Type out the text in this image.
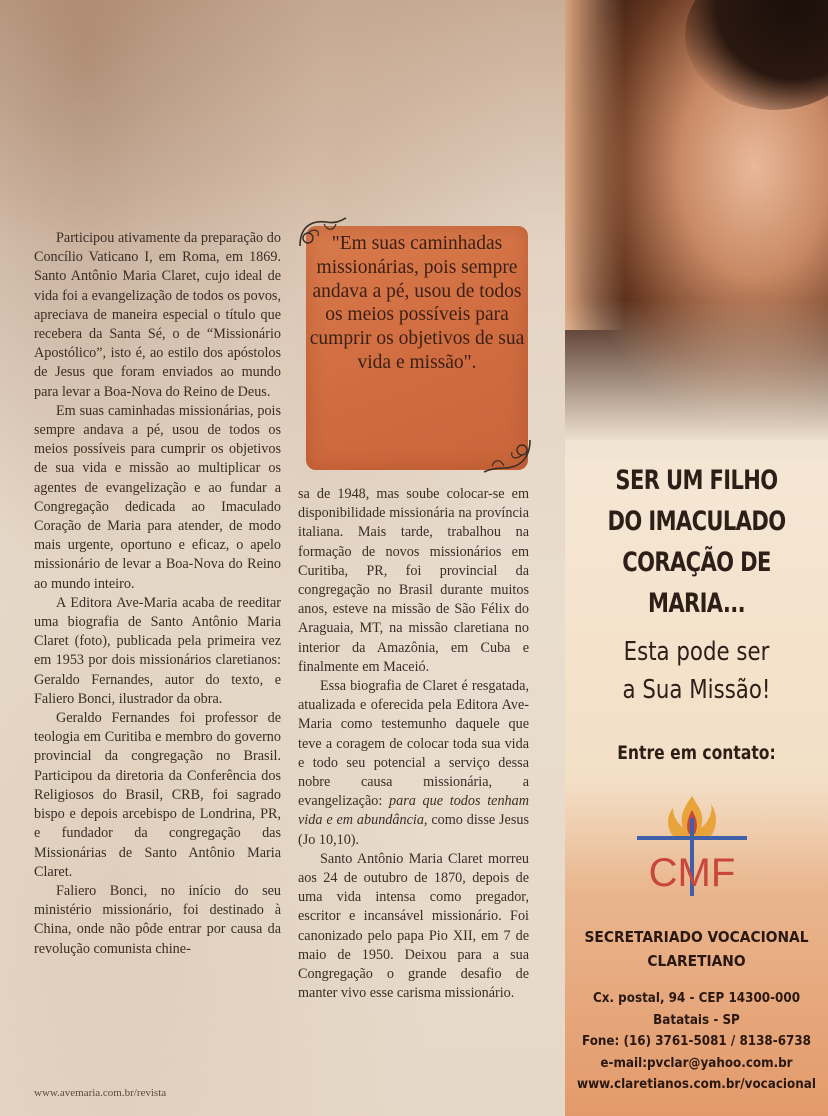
Participou ativamente da preparação do Concílio Vaticano I, em Roma, em 1869. Santo Antônio Maria Claret, cujo ideal de vida foi a evangelização de todos os povos, apreciava de maneira especial o título que recebera da Santa Sé, o de “Missionário Apostólico”, isto é, ao estilo dos apóstolos de Jesus que foram enviados ao mundo para levar a Boa-Nova do Reino de Deus.

Em suas caminhadas missionárias, pois sempre andava a pé, usou de todos os meios possíveis para cumprir os objetivos de sua vida e missão ao multiplicar os agentes de evangelização e ao fundar a Congregação dedicada ao Imaculado Coração de Maria para atender, de modo mais urgente, oportuno e eficaz, o apelo missionário de levar a Boa-Nova do Reino ao mundo inteiro.

A Editora Ave-Maria acaba de reeditar uma biografia de Santo Antônio Maria Claret (foto), publicada pela primeira vez em 1953 por dois missionários claretianos: Geraldo Fernandes, autor do texto, e Faliero Bonci, ilustrador da obra.

Geraldo Fernandes foi professor de teologia em Curitiba e membro do governo provincial da congregação no Brasil. Participou da diretoria da Conferência dos Religiosos do Brasil, CRB, foi sagrado bispo e depois arcebispo de Londrina, PR, e fundador da congregação das Missionárias de Santo Antônio Maria Claret.

Faliero Bonci, no início do seu ministério missionário, foi destinado à China, onde não pôde entrar por causa da revolução comunista chine-

"Em suas caminhadas missionárias, pois sempre andava a pé, usou de todos os meios possíveis para cumprir os objetivos de sua vida e missão".

sa de 1948, mas soube colocar-se em disponibilidade missionária na província italiana. Mais tarde, trabalhou na formação de novos missionários em Curitiba, PR, foi provincial da congregação no Brasil durante muitos anos, esteve na missão de São Félix do Araguaia, MT, na missão claretiana no interior da Amazônia, em Cuba e finalmente em Maceió.

Essa biografia de Claret é resgatada, atualizada e oferecida pela Editora Ave-Maria como testemunho daquele que teve a coragem de colocar toda sua vida e todo seu potencial a serviço dessa nobre causa missionária, a evangelização: para que todos tenham vida e em abundância, como disse Jesus (Jo 10,10).

Santo Antônio Maria Claret morreu aos 24 de outubro de 1870, depois de uma vida intensa como pregador, escritor e incansável missionário. Foi canonizado pelo papa Pio XII, em 7 de maio de 1950. Deixou para a sua Congregação o grande desafio de manter vivo esse carisma missionário.

www.avemaria.com.br/revista
SER UM FILHO
DO IMACULADO
CORAÇÃO DE MARIA...
Esta pode ser
a Sua Missão!
Entre em contato:
CMF
SECRETARIADO VOCACIONAL
CLARETIANO
Cx. postal, 94 - CEP 14300-000
Batatais - SP
Fone: (16) 3761-5081 / 8138-6738
e-mail:pvclar@yahoo.com.br
www.claretianos.com.br/vocacional
